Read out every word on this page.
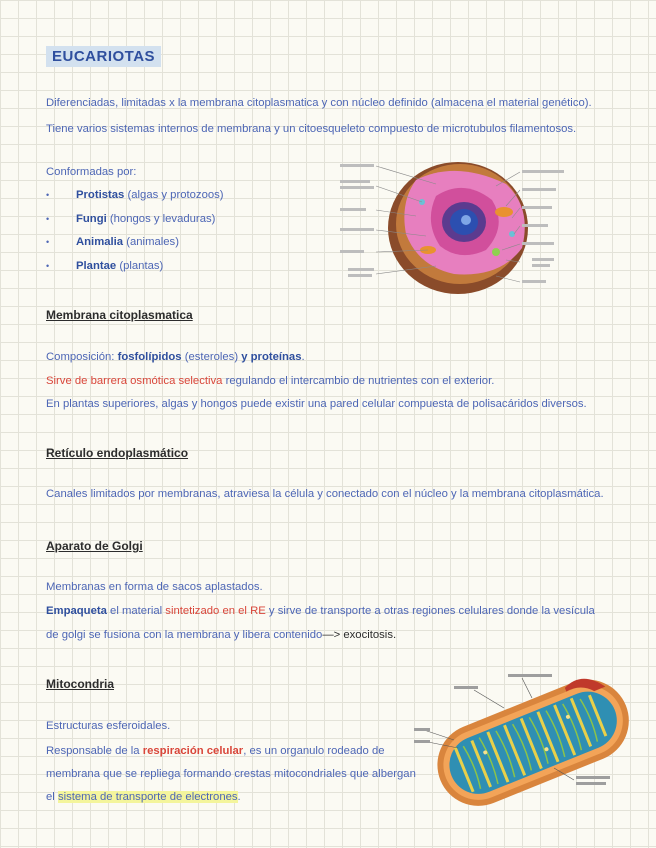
EUCARIOTAS
Diferenciadas, limitadas x la membrana citoplasmatica y con núcleo definido (almacena el material genético).
Tiene varios sistemas internos de membrana y un citoesqueleto compuesto de microtubulos filamentosos.
Conformadas por:
• Protistas (algas y protozoos)
• Fungi (hongos y levaduras)
• Animalia (animales)
• Plantae (plantas)
Membrana citoplasmatica
Composición: fosfolípidos (esteroles) y proteínas.
Sirve de barrera osmótica selectiva regulando el intercambio de nutrientes con el exterior.
En plantas superiores, algas y hongos puede existir una pared celular compuesta de polisacáridos diversos.
Retículo endoplasmático
Canales limitados por membranas, atraviesa la célula y conectado con el núcleo y la membrana citoplasmática.
Aparato de Golgi
Membranas en forma de sacos aplastados.
Empaqueta el material sintetizado en el RE y sirve de transporte a otras regiones celulares donde la vesícula
de golgi se fusiona con la membrana y libera contenido—> exocitosis.
Mitocondria
Estructuras esferoidales.
Responsable de la respiración celular, es un organulo rodeado de
membrana que se repliega formando crestas mitocondriales que albergan
el sistema de transporte de electrones.
